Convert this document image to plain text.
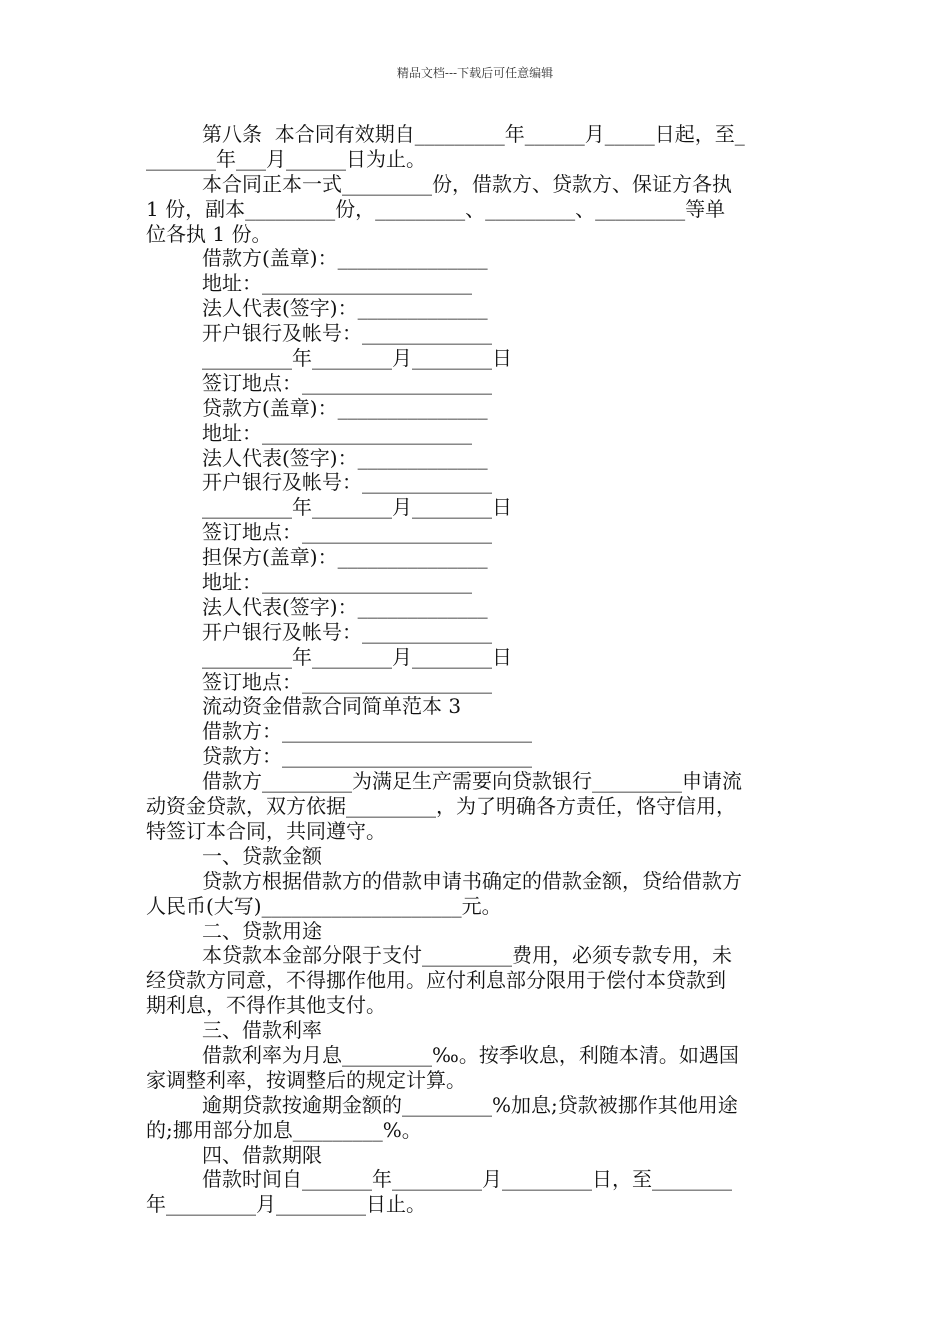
精品文档---下载后可任意编辑
第八条  本合同有效期自_________年______月_____日起，至_
_______年___月______日为止。
本合同正本一式_________份，借款方、贷款方、保证方各执
1 份，副本_________份，_________、_________、_________等单
位各执 1 份。
借款方(盖章)：_______________
地址：_____________________
法人代表(签字)：_____________
开户银行及帐号：_____________
_________年________月________日
签订地点：___________________
贷款方(盖章)：_______________
地址：_____________________
法人代表(签字)：_____________
开户银行及帐号：_____________
_________年________月________日
签订地点：___________________
担保方(盖章)：_______________
地址：_____________________
法人代表(签字)：_____________
开户银行及帐号：_____________
_________年________月________日
签订地点：___________________
流动资金借款合同简单范本 3
借款方：_________________________
贷款方：_________________________
借款方_________为满足生产需要向贷款银行_________申请流
动资金贷款，双方依据_________，为了明确各方责任，恪守信用，
特签订本合同，共同遵守。
一、贷款金额
贷款方根据借款方的借款申请书确定的借款金额，贷给借款方
人民币(大写)____________________元。
二、贷款用途
本贷款本金部分限于支付_________费用，必须专款专用，未
经贷款方同意，不得挪作他用。应付利息部分限用于偿付本贷款到
期利息，不得作其他支付。
三、借款利率
借款利率为月息_________‰。按季收息，利随本清。如遇国
家调整利率，按调整后的规定计算。
逾期贷款按逾期金额的_________%加息;贷款被挪作其他用途
的;挪用部分加息_________%。
四、借款期限
借款时间自_______年_________月_________日，至________
年_________月_________日止。
